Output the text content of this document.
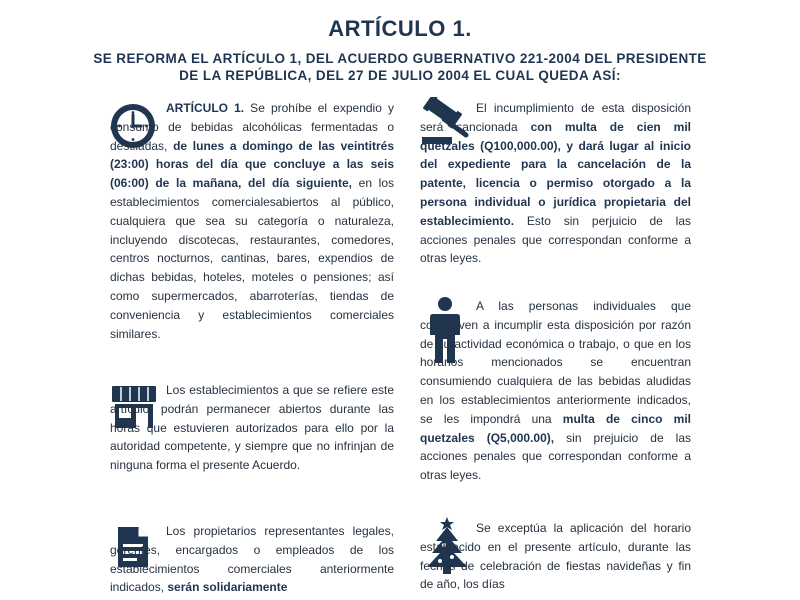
ARTÍCULO 1.
SE REFORMA EL ARTÍCULO 1, DEL ACUERDO GUBERNATIVO 221-2004 DEL PRESIDENTE DE LA REPÚBLICA, DEL 27 DE JULIO 2004 EL CUAL QUEDA ASÍ:
ARTÍCULO 1. Se prohíbe el expendio y consumo de bebidas alcohólicas fermentadas o destiladas, de lunes a domingo de las veintitrés (23:00) horas del día que concluye a las seis (06:00) de la mañana, del día siguiente, en los establecimientos comercialesabiertos al público, cualquiera que sea su categoría o naturaleza, incluyendo discotecas, restaurantes, comedores, centros nocturnos, cantinas, bares, expendios de dichas bebidas, hoteles, moteles o pensiones; así como supermercados, abarroterías, tiendas de conveniencia y establecimientos comerciales similares.
Los establecimientos a que se refiere este artículo, podrán permanecer abiertos durante las horas que estuvieren autorizados para ello por la autoridad competente, y siempre que no infrinjan de ninguna forma el presente Acuerdo.
Los propietarios representantes legales, gerentes, encargados o empleados de los establecimientos comerciales anteriormente indicados, serán solidariamente
El incumplimiento de esta disposición será sancionada con multa de cien mil quetzales (Q100,000.00), y dará lugar al inicio del expediente para la cancelación de la patente, licencia o permiso otorgado a la persona individual o jurídica propietaria del establecimiento. Esto sin perjuicio de las acciones penales que correspondan conforme a otras leyes.
A las personas individuales que coadyuven a incumplir esta disposición por razón de su actividad económica o trabajo, o que en los horarios mencionados se encuentran consumiendo cualquiera de las bebidas aludidas en los establecimientos anteriormente indicados, se les impondrá una multa de cinco mil quetzales (Q5,000.00), sin prejuicio de las acciones penales que correspondan conforme a otras leyes.
Se exceptúa la aplicación del horario establecido en el presente artículo, durante las fechas de celebración de fiestas navideñas y fin de año, los días
